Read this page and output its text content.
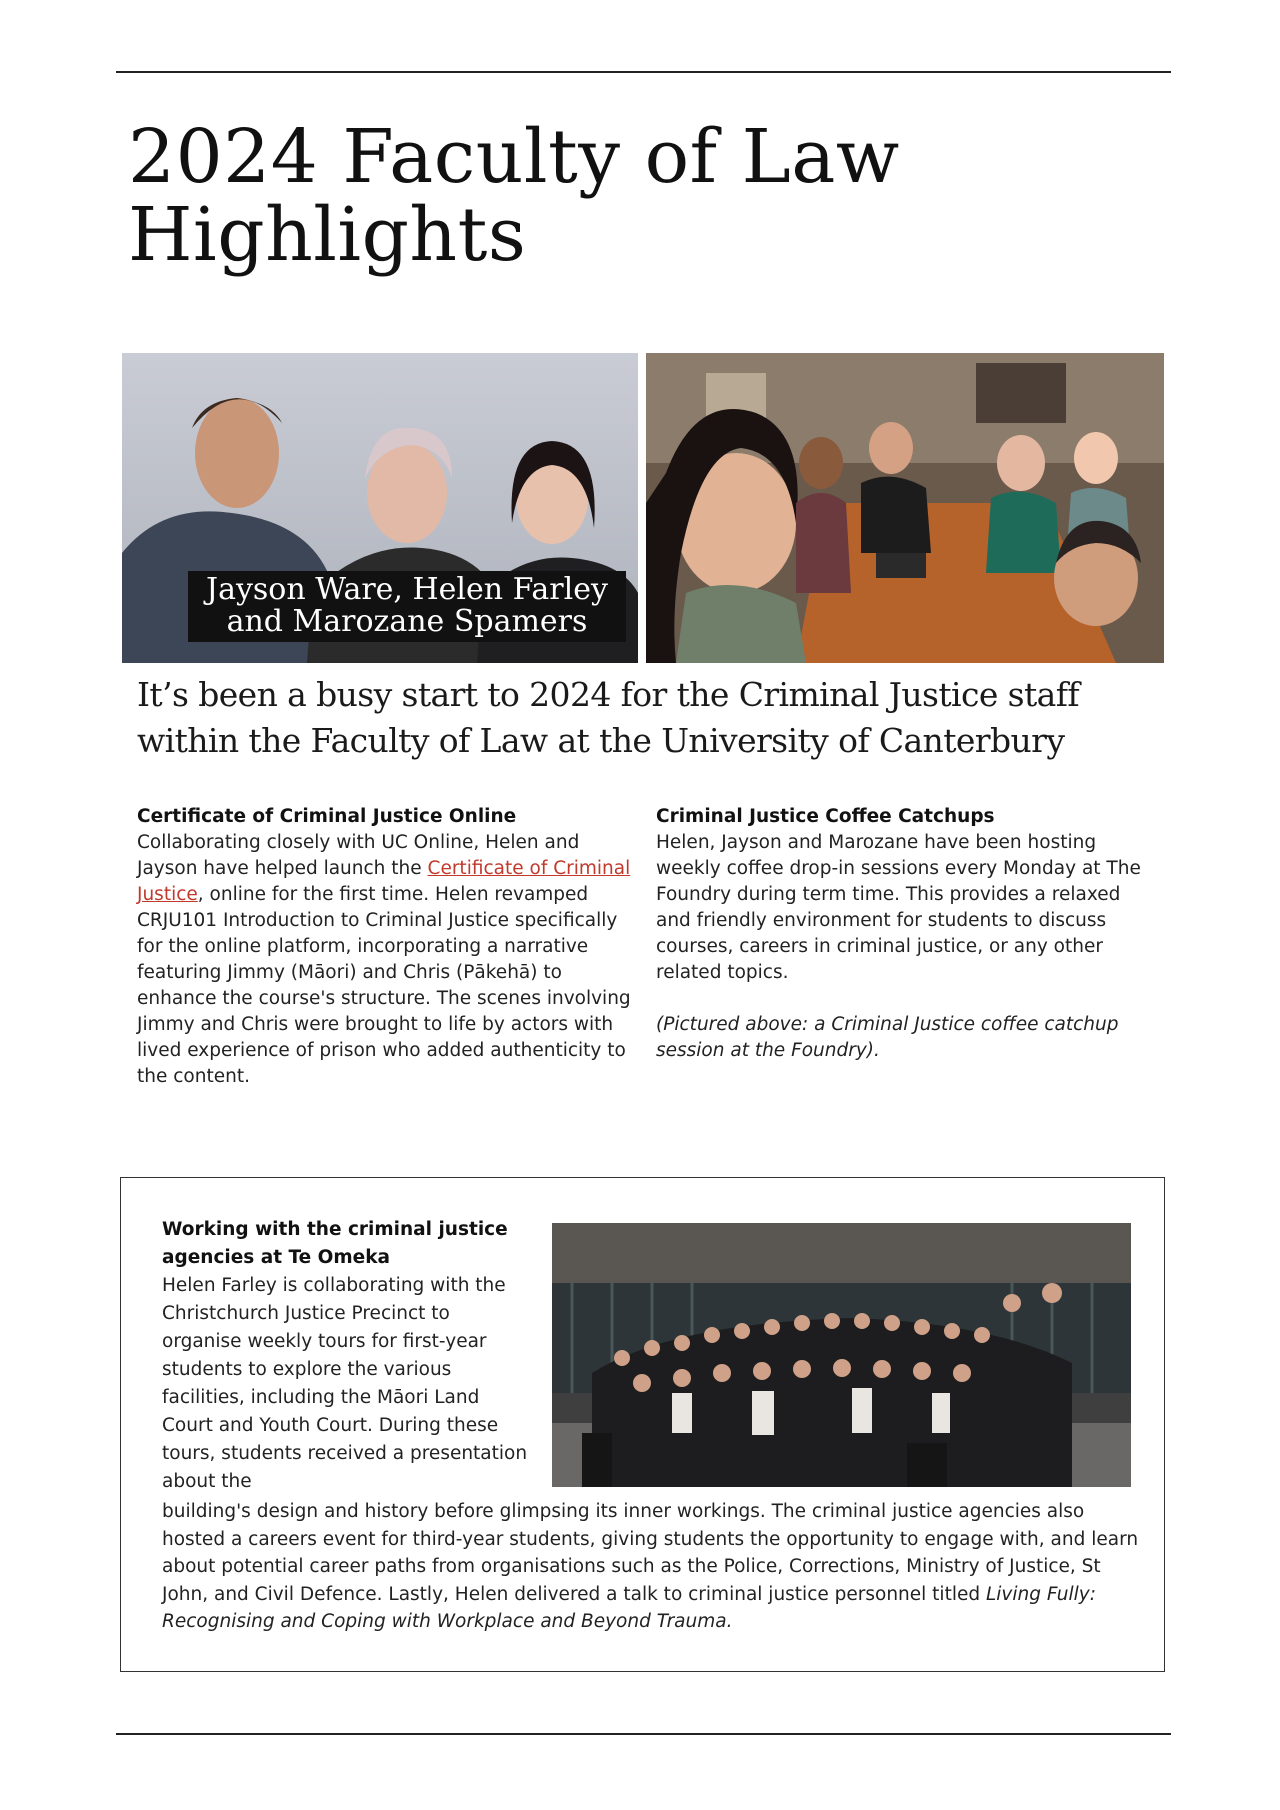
2024 Faculty of Law
Highlights
Jayson Ware, Helen Farley
and Marozane Spamers
It’s been a busy start to 2024 for the Criminal Justice staff
within the Faculty of Law at the University of Canterbury
Certificate of Criminal Justice Online

Collaborating closely with UC Online, Helen and Jayson have helped launch the Certificate of Criminal Justice, online for the first time. Helen revamped CRJU101 Introduction to Criminal Justice specifically for the online platform, incorporating a narrative featuring Jimmy (Māori) and Chris (Pākehā) to enhance the course's structure. The scenes involving Jimmy and Chris were brought to life by actors with lived experience of prison who added authenticity to the content.

Criminal Justice Coffee Catchups

Helen, Jayson and Marozane have been hosting weekly coffee drop-in sessions every Monday at The Foundry during term time. This provides a relaxed and friendly environment for students to discuss courses, careers in criminal justice, or any other related topics.

(Pictured above: a Criminal Justice coffee catchup session at the Foundry).

Working with the criminal justice agencies at Te Omeka

Helen Farley is collaborating with the Christchurch Justice Precinct to organise weekly tours for first-year students to explore the various facilities, including the Māori Land Court and Youth Court. During these tours, students received a presentation about the

building's design and history before glimpsing its inner workings. The criminal justice agencies also hosted a careers event for third-year students, giving students the opportunity to engage with, and learn about potential career paths from organisations such as the Police, Corrections, Ministry of Justice, St John, and Civil Defence. Lastly, Helen delivered a talk to criminal justice personnel titled Living Fully: Recognising and Coping with Workplace and Beyond Trauma.
